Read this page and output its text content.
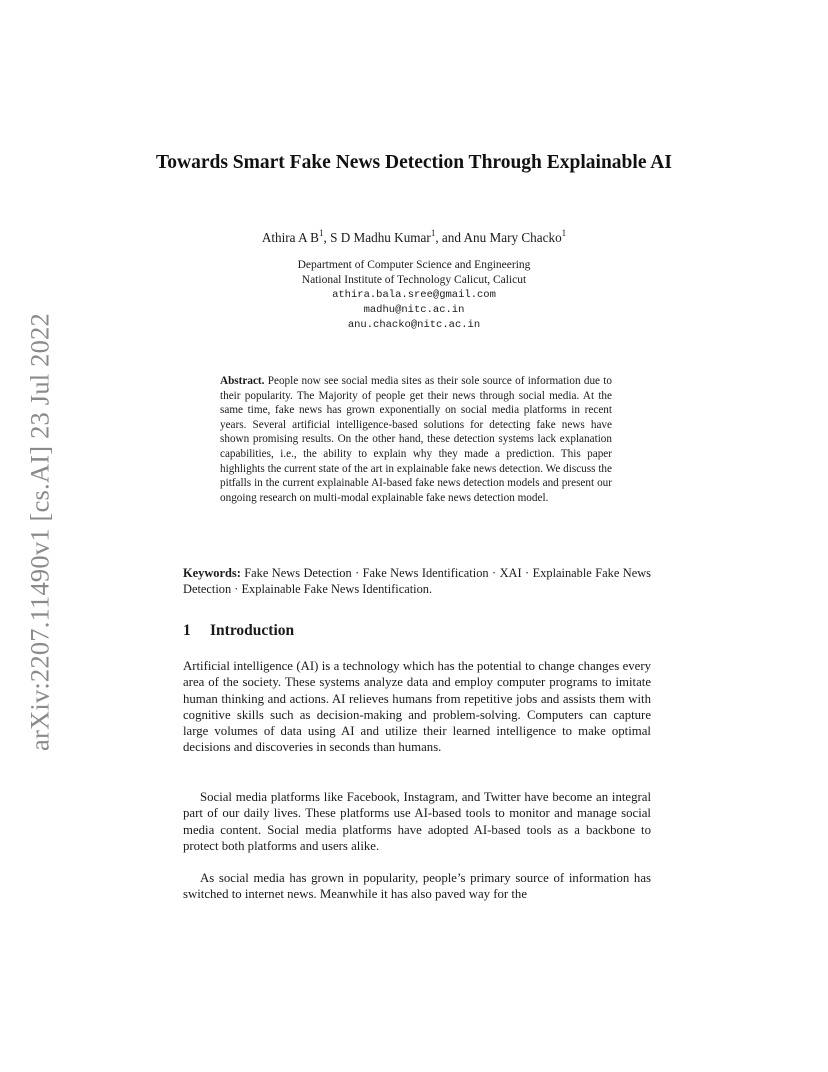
arXiv:2207.11490v1 [cs.AI] 23 Jul 2022
Towards Smart Fake News Detection Through Explainable AI
Athira A $B^1$, S D Madhu Kumar$^1$, and Anu Mary Chacko$^1$
Department of Computer Science and Engineering
National Institute of Technology Calicut, Calicut
athira.bala.sree@gmail.com
madhu@nitc.ac.in
anu.chacko@nitc.ac.in
Abstract. People now see social media sites as their sole source of information due to their popularity. The Majority of people get their news through social media. At the same time, fake news has grown exponentially on social media platforms in recent years. Several artificial intelligence-based solutions for detecting fake news have shown promising results. On the other hand, these detection systems lack explanation capabilities, i.e., the ability to explain why they made a prediction. This paper highlights the current state of the art in explainable fake news detection. We discuss the pitfalls in the current explainable AI-based fake news detection models and present our ongoing research on multi-modal explainable fake news detection model.
Keywords: Fake News Detection · Fake News Identification · XAI · Explainable Fake News Detection · Explainable Fake News Identification.
1 Introduction
Artificial intelligence (AI) is a technology which has the potential to change changes every area of the society. These systems analyze data and employ computer programs to imitate human thinking and actions. AI relieves humans from repetitive jobs and assists them with cognitive skills such as decision-making and problem-solving. Computers can capture large volumes of data using AI and utilize their learned intelligence to make optimal decisions and discoveries in seconds than humans.
Social media platforms like Facebook, Instagram, and Twitter have become an integral part of our daily lives. These platforms use AI-based tools to monitor and manage social media content. Social media platforms have adopted AI-based tools as a backbone to protect both platforms and users alike.
As social media has grown in popularity, people’s primary source of information has switched to internet news. Meanwhile it has also paved way for the
